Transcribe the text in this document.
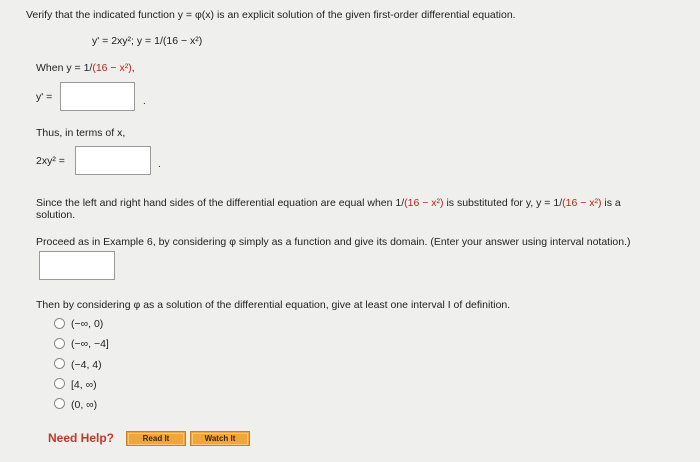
Verify that the indicated function y = φ(x) is an explicit solution of the given first-order differential equation.
y' = 2xy²; y = 1/(16 − x²)
When y = 1/(16 − x²),
y' =	.
Thus, in terms of x,
2xy² =	.
Since the left and right hand sides of the differential equation are equal when 1/(16 − x²) is substituted for y, y = 1/(16 − x²) is a
solution.
Proceed as in Example 6, by considering φ simply as a function and give its domain. (Enter your answer using interval notation.)
Then by considering φ as a solution of the differential equation, give at least one interval I of definition.
(−∞, 0)
(−∞, −4]
(−4, 4)
[4, ∞)
(0, ∞)
Need Help?	Read It	Watch It
